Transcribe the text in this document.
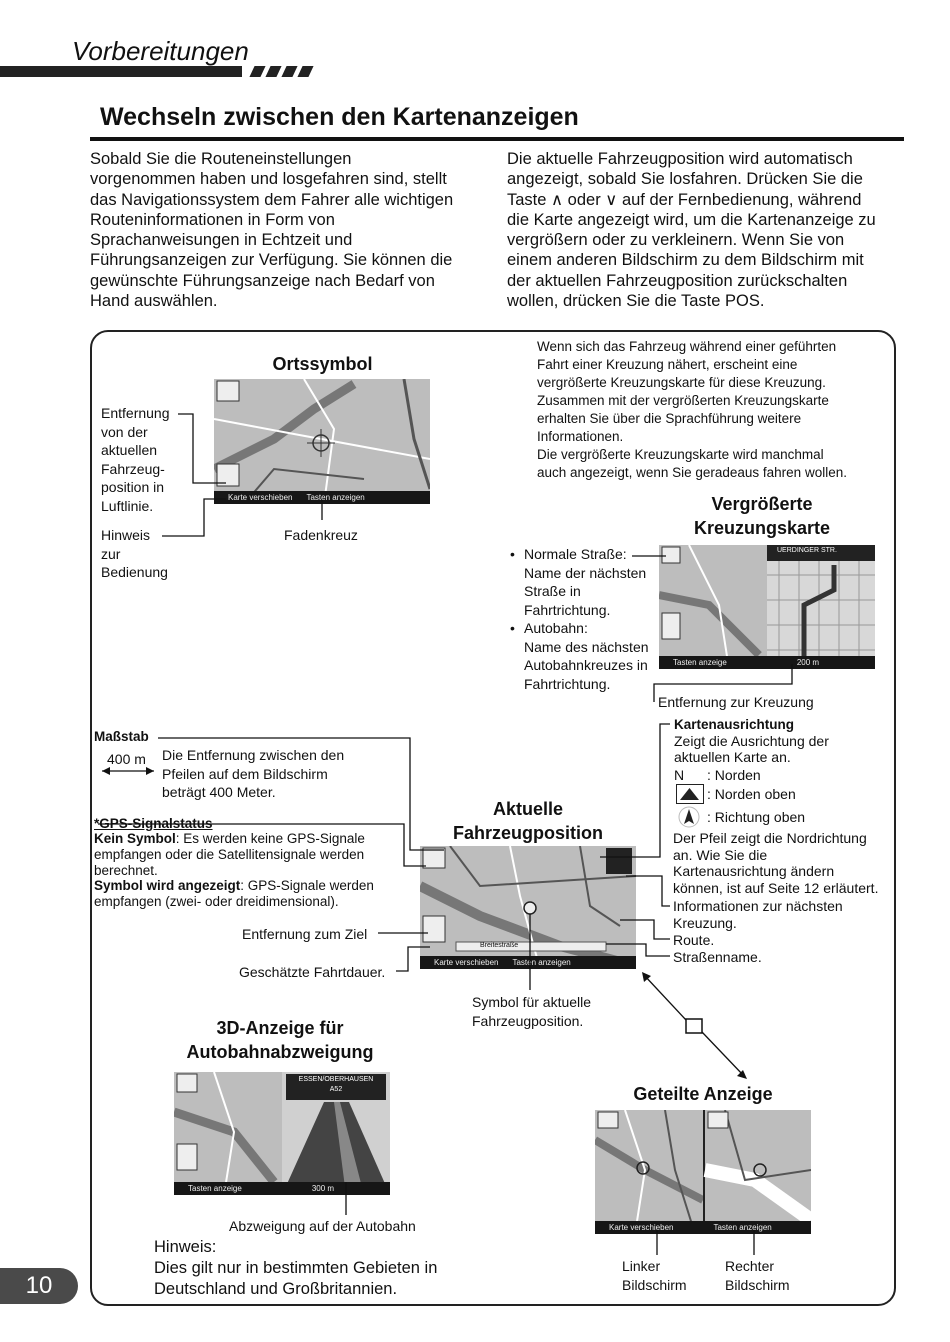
Vorbereitungen
Wechseln zwischen den Kartenanzeigen
Sobald Sie die Routeneinstellungen
vorgenommen haben und losgefahren sind, stellt
das Navigationssystem dem Fahrer alle wichtigen
Routeninformationen in Form von
Sprachanweisungen in Echtzeit und
Führungsanzeigen zur Verfügung. Sie können die
gewünschte Führungsanzeige nach Bedarf von
Hand auswählen.
Die aktuelle Fahrzeugposition wird automatisch
angezeigt, sobald Sie losfahren. Drücken Sie die
Taste ∧ oder ∨ auf der Fernbedienung, während
die Karte angezeigt wird, um die Kartenanzeige zu
vergrößern oder zu verkleinern. Wenn Sie von
einem anderen Bildschirm zu dem Bildschirm mit
der aktuellen Fahrzeugposition zurückschalten
wollen, drücken Sie die Taste POS.
Ortssymbol
Karte verschieben Tasten anzeigen
Entfernung
von der
aktuellen
Fahrzeug-
position in
Luftlinie.
Hinweis
zur
Bedienung
Fadenkreuz
Wenn sich das Fahrzeug während einer geführten
Fahrt einer Kreuzung nähert, erscheint eine
vergrößerte Kreuzungskarte für diese Kreuzung.
Zusammen mit der vergrößerten Kreuzungskarte
erhalten Sie über die Sprachführung weitere
Informationen.
Die vergrößerte Kreuzungskarte wird manchmal
auch angezeigt, wenn Sie geradeaus fahren wollen.
Vergrößerte
Kreuzungskarte
• Normale Straße:
Name der nächsten
Straße in
Fahrtrichtung.
• Autobahn:
Name des nächsten
Autobahnkreuzes in
Fahrtrichtung.
UERDINGER STR.
Tasten anzeige	200 m
Entfernung zur Kreuzung
Maßstab
400 m Die Entfernung zwischen den
Pfeilen auf dem Bildschirm
beträgt 400 Meter.
*GPS-Signalstatus
Kein Symbol: Es werden keine GPS-Signale
empfangen oder die Satellitensignale werden
berechnet.
Symbol wird angezeigt: GPS-Signale werden
empfangen (zwei- oder dreidimensional).
Aktuelle
Fahrzeugposition
Breitestraße
Karte verschieben Tasten anzeigen
Entfernung zum Ziel
Geschätzte Fahrtdauer.
Symbol für aktuelle
Fahrzeugposition.
Kartenausrichtung
Zeigt die Ausrichtung der
aktuellen Karte an.
N : Norden
: Norden oben
: Richtung oben
Der Pfeil zeigt die Nordrichtung
an. Wie Sie die
Kartenausrichtung ändern
können, ist auf Seite 12 erläutert.
Informationen zur nächsten
Kreuzung.
Route.
Straßenname.
3D-Anzeige für
Autobahnabzweigung
ESSEN/OBERHAUSEN
A52
Tasten anzeige	300 m
Abzweigung auf der Autobahn
Hinweis:
Dies gilt nur in bestimmten Gebieten in
Deutschland und Großbritannien.
Geteilte Anzeige
Karte verschieben	Tasten anzeigen
Linker
Bildschirm
Rechter
Bildschirm
10
